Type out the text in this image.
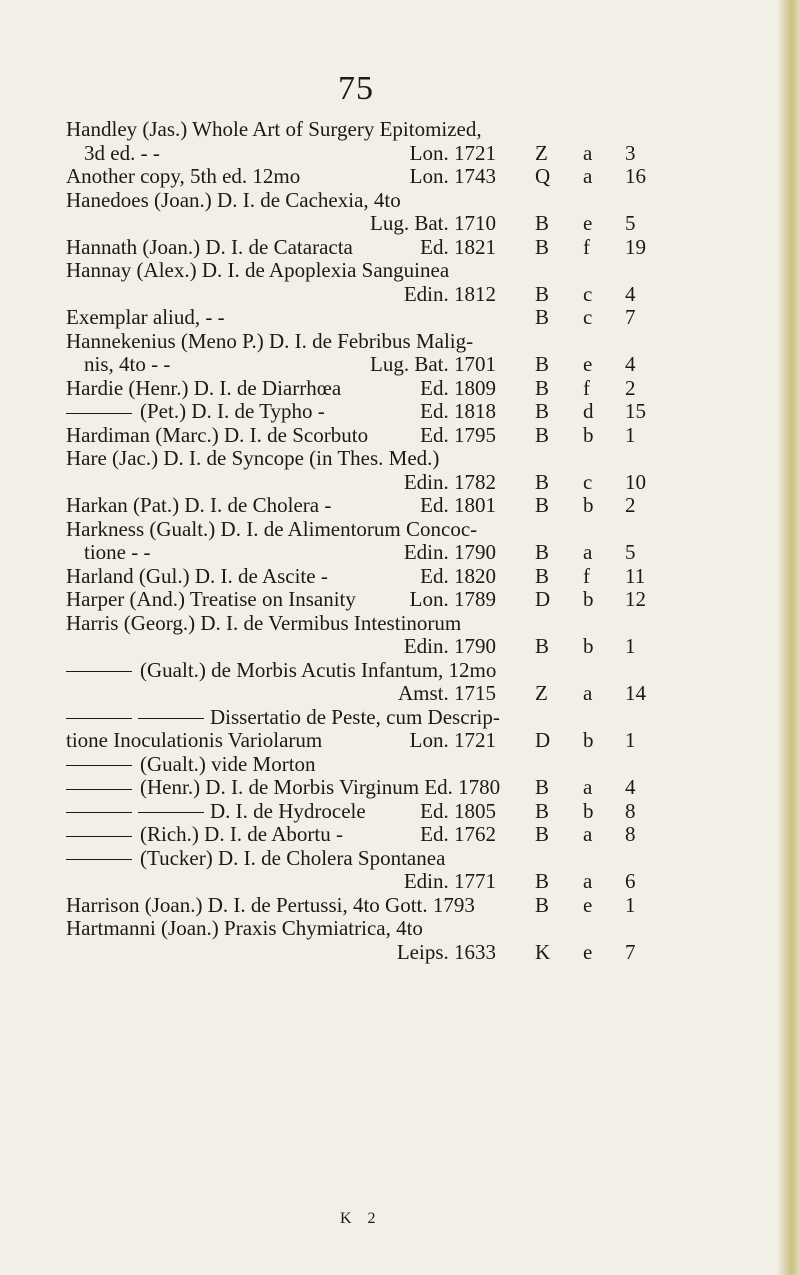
75
Handley (Jas.) Whole Art of Surgery Epitomized,
3d ed. - -	Lon. 1721 Z a 3
Another copy, 5th ed. 12mo	Lon. 1743 Q a 16
Hanedoes (Joan.) D. I. de Cachexia, 4to
Lug. Bat. 1710 B e 5
Hannath (Joan.) D. I. de Cataracta	Ed. 1821 B f 19
Hannay (Alex.) D. I. de Apoplexia Sanguinea
Edin. 1812 B c 4
Exemplar aliud, - -	B c 7
Hannekenius (Meno P.) D. I. de Febribus Malig-
nis, 4to - -	Lug. Bat. 1701 B e 4
Hardie (Henr.) D. I. de Diarrhœa	Ed. 1809 B f 2
(Pet.) D. I. de Typho -	Ed. 1818 B d 15
Hardiman (Marc.) D. I. de Scorbuto Ed. 1795 B b 1
Hare (Jac.) D. I. de Syncope (in Thes. Med.)
Edin. 1782 B c 10
Harkan (Pat.) D. I. de Cholera -	Ed. 1801 B b 2
Harkness (Gualt.) D. I. de Alimentorum Concoc-
tione - -	Edin. 1790 B a 5
Harland (Gul.) D. I. de Ascite -	Ed. 1820 B f 11
Harper (And.) Treatise on Insanity	Lon. 1789 D b 12
Harris (Georg.) D. I. de Vermibus Intestinorum
Edin. 1790 B b 1
(Gualt.) de Morbis Acutis Infantum, 12mo
Amst. 1715 Z a 14
Dissertatio de Peste, cum Descrip-
tione Inoculationis Variolarum	Lon. 1721 D b 1
(Gualt.) vide Morton
(Henr.) D. I. de Morbis Virginum Ed. 1780 B a 4
D. I. de Hydrocele	Ed. 1805 B b 8
(Rich.) D. I. de Abortu -	Ed. 1762 B a 8
(Tucker) D. I. de Cholera Spontanea
Edin. 1771 B a 6
Harrison (Joan.) D. I. de Pertussi, 4to Gott. 1793	B e 1
Hartmanni (Joan.) Praxis Chymiatrica, 4to
Leips. 1633 K e 7
K 2
